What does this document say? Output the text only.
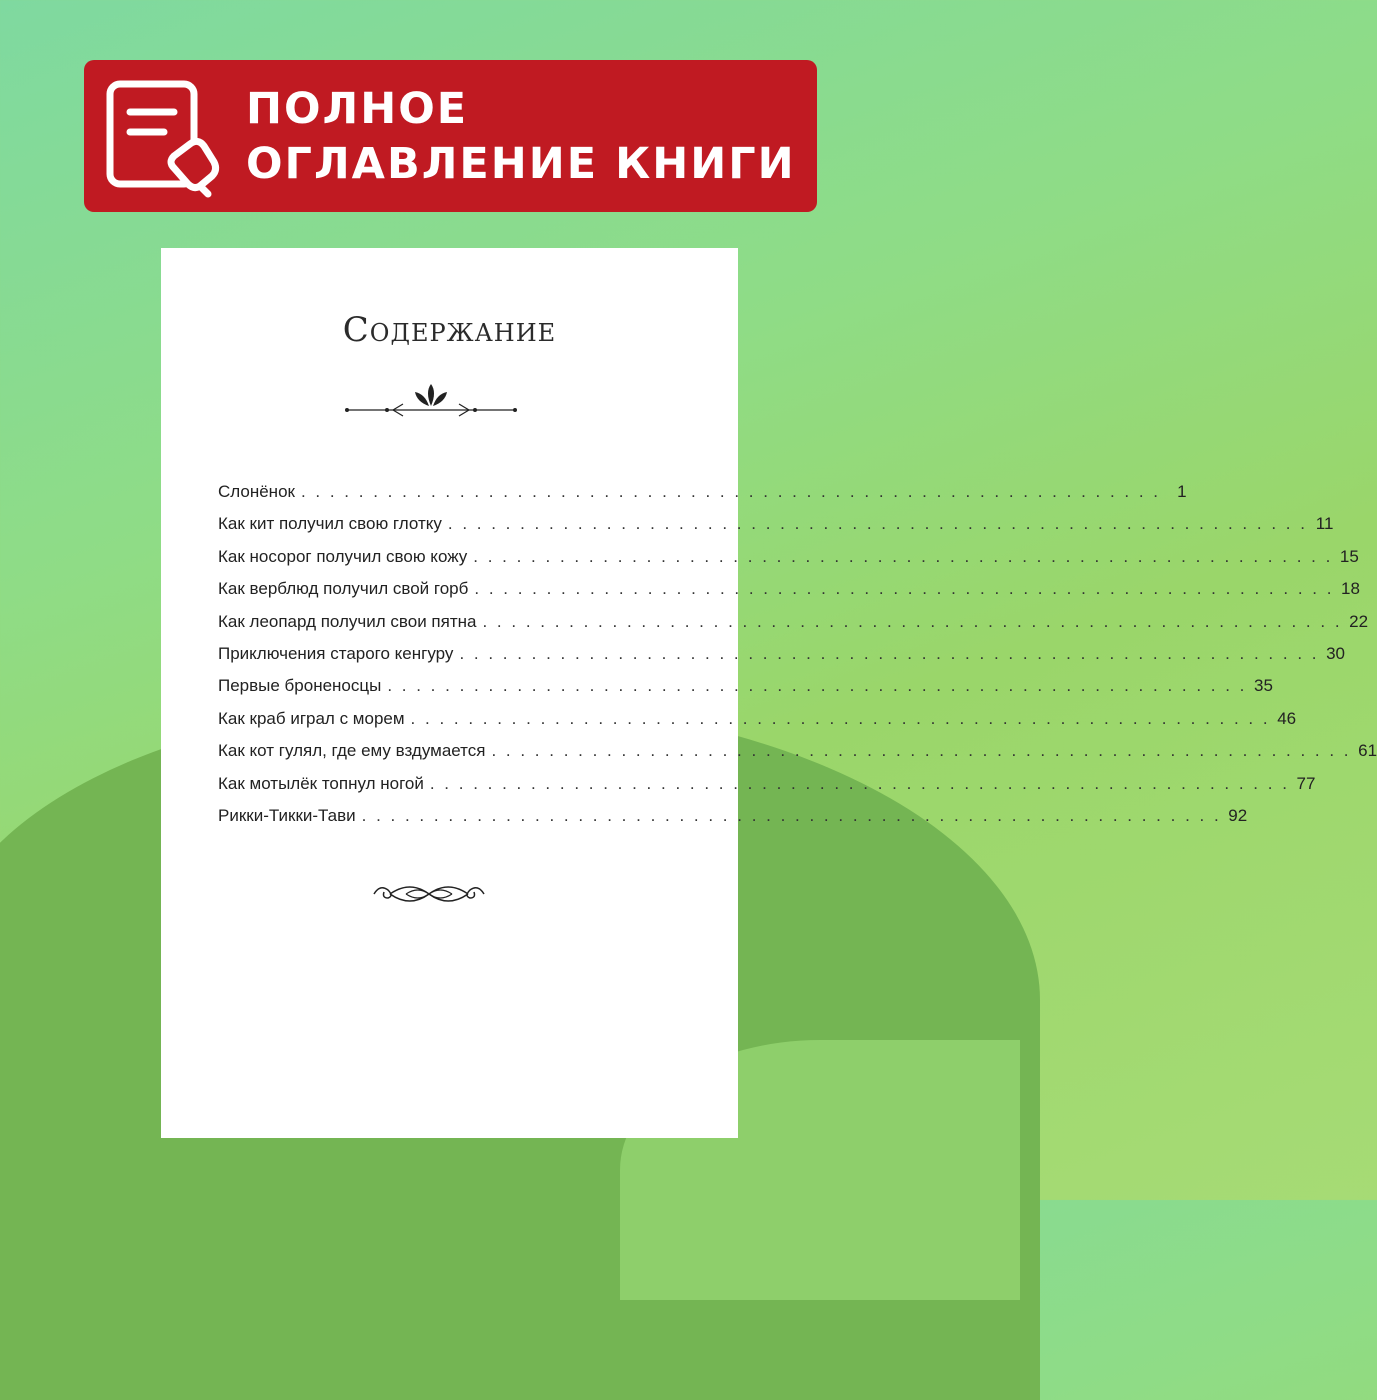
ПОЛНОЕ
ОГЛАВЛЕНИЕ КНИГИ
Содержание
Слонёнок . . . . . . . . . . . . . . . . . . . . . . . . . . . . . . . . . . . . . . . . . . . . . . . . . . . . . . . . . . . . 1
Как кит получил свою глотку . . . . . . . . . . . . . . . . . . . . . . . . . . . . . . . . . . . . . . . . . . . . . . . . . . . . . . . . . . . . 11
Как носорог получил свою кожу . . . . . . . . . . . . . . . . . . . . . . . . . . . . . . . . . . . . . . . . . . . . . . . . . . . . . . . . . . . . 15
Как верблюд получил свой горб . . . . . . . . . . . . . . . . . . . . . . . . . . . . . . . . . . . . . . . . . . . . . . . . . . . . . . . . . . . . 18
Как леопард получил свои пятна . . . . . . . . . . . . . . . . . . . . . . . . . . . . . . . . . . . . . . . . . . . . . . . . . . . . . . . . . . . . 22
Приключения старого кенгуру . . . . . . . . . . . . . . . . . . . . . . . . . . . . . . . . . . . . . . . . . . . . . . . . . . . . . . . . . . . . 30
Первые броненосцы . . . . . . . . . . . . . . . . . . . . . . . . . . . . . . . . . . . . . . . . . . . . . . . . . . . . . . . . . . . . 35
Как краб играл с морем . . . . . . . . . . . . . . . . . . . . . . . . . . . . . . . . . . . . . . . . . . . . . . . . . . . . . . . . . . . . 46
Как кот гулял, где ему вздумается . . . . . . . . . . . . . . . . . . . . . . . . . . . . . . . . . . . . . . . . . . . . . . . . . . . . . . . . . . . . 61
Как мотылёк топнул ногой . . . . . . . . . . . . . . . . . . . . . . . . . . . . . . . . . . . . . . . . . . . . . . . . . . . . . . . . . . . . 77
Рикки-Тикки-Тави . . . . . . . . . . . . . . . . . . . . . . . . . . . . . . . . . . . . . . . . . . . . . . . . . . . . . . . . . . . . 92
